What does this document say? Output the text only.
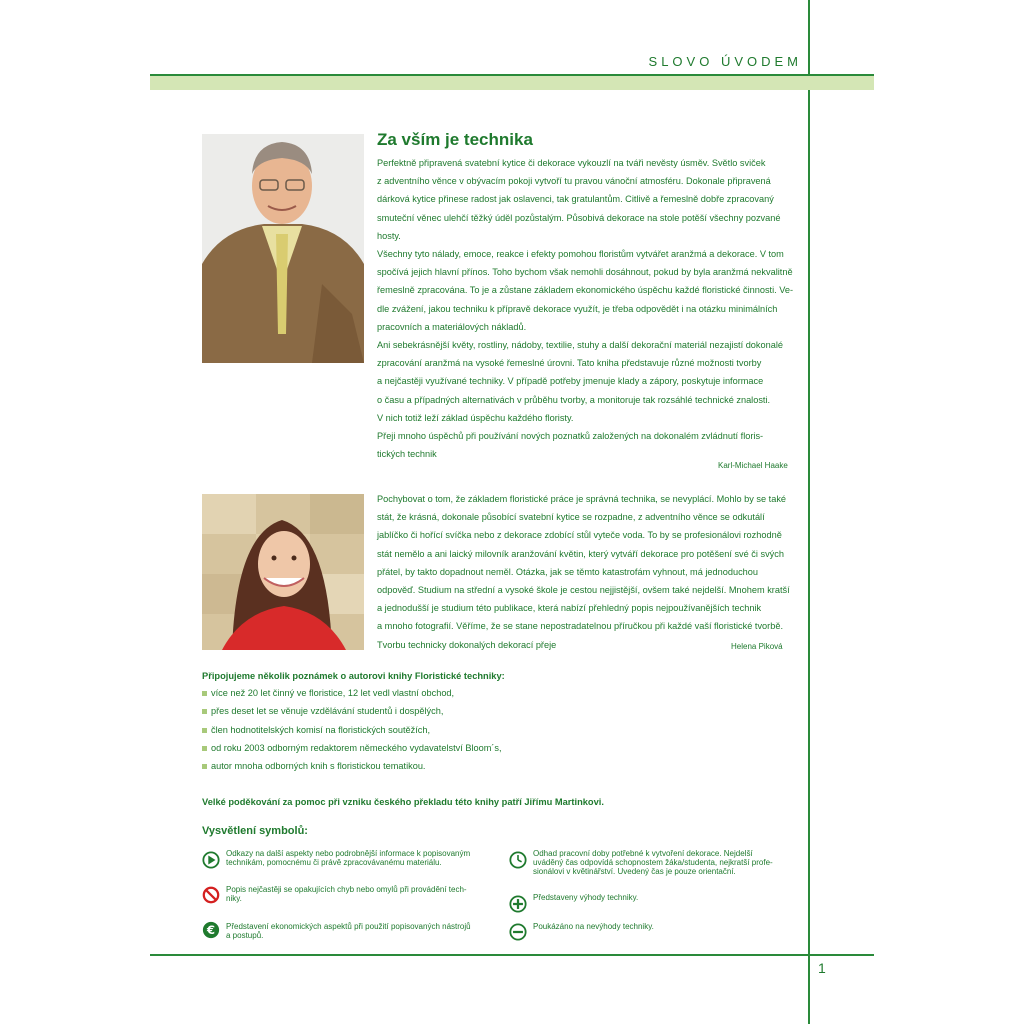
SLOVO ÚVODEM
Za vším je technika
Perfektně připravená svatební kytice či dekorace vykouzlí na tváři nevěsty úsměv. Světlo sviček
z adventního věnce v obývacím pokoji vytvoří tu pravou vánoční atmosféru. Dokonale připravená
dárková kytice přinese radost jak oslavenci, tak gratulantům. Citlivě a řemeslně dobře zpracovaný
smuteční věnec ulehčí těžký úděl pozůstalým. Působivá dekorace na stole potěší všechny pozvané
hosty.
Všechny tyto nálady, emoce, reakce i efekty pomohou floristům vytvářet aranžmá a dekorace. V tom
spočívá jejich hlavní přínos. Toho bychom však nemohli dosáhnout, pokud by byla aranžmá nekvalitně
řemeslně zpracována. To je a zůstane základem ekonomického úspěchu každé floristické činnosti. Ve-
dle zvážení, jakou techniku k přípravě dekorace využít, je třeba odpovědět i na otázku minimálních
pracovních a materiálových nákladů.
Ani sebekrásnější květy, rostliny, nádoby, textilie, stuhy a další dekorační materiál nezajistí dokonalé
zpracování aranžmá na vysoké řemeslné úrovni. Tato kniha představuje různé možnosti tvorby
a nejčastěji využívané techniky. V případě potřeby jmenuje klady a zápory, poskytuje informace
o času a případných alternativách v průběhu tvorby, a monitoruje tak rozsáhlé technické znalosti.
V nich totiž leží základ úspěchu každého floristy.
Přeji mnoho úspěchů při používání nových poznatků založených na dokonalém zvládnutí floris-
tických technik
Karl-Michael Haake
Pochybovat o tom, že základem floristické práce je správná technika, se nevyplácí. Mohlo by se také
stát, že krásná, dokonale působící svatební kytice se rozpadne, z adventního věnce se odkutálí
jablíčko či hořící svíčka nebo z dekorace zdobící stůl vyteče voda. To by se profesionálovi rozhodně
stát nemělo a ani laický milovník aranžování květin, který vytváří dekorace pro potěšení své či svých
přátel, by takto dopadnout neměl. Otázka, jak se těmto katastrofám vyhnout, má jednoduchou
odpověď. Studium na střední a vysoké škole je cestou nejjistější, ovšem také nejdelší. Mnohem kratší
a jednodušší je studium této publikace, která nabízí přehledný popis nejpoužívanějších technik
a mnoho fotografií. Věříme, že se stane nepostradatelnou příručkou při každé vaší floristické tvorbě.
Tvorbu technicky dokonalých dekorací přeje	Helena Piková
Připojujeme několik poznámek o autorovi knihy Floristické techniky:
více než 20 let činný ve floristice, 12 let vedl vlastní obchod,
přes deset let se věnuje vzdělávání studentů i dospělých,
člen hodnotitelských komisí na floristických soutěžích,
od roku 2003 odborným redaktorem německého vydavatelství Bloom´s,
autor mnoha odborných knih s floristickou tematikou.
Velké poděkování za pomoc při vzniku českého překladu této knihy patří Jiřímu Martinkovi.
Vysvětlení symbolů:
Odkazy na další aspekty nebo podrobnější informace k popisovaným
technikám, pomocnému či právě zpracovávanému materiálu.
Popis nejčastěji se opakujících chyb nebo omylů při provádění tech-
niky.
€ Představení ekonomických aspektů při použití popisovaných nástrojů
a postupů.
Odhad pracovní doby potřebné k vytvoření dekorace. Nejdelší
uváděný čas odpovídá schopnostem žáka/studenta, nejkratší profe-
sionálovi v květinářství. Uvedený čas je pouze orientační.
Představeny výhody techniky.
Poukázáno na nevýhody techniky.
1
